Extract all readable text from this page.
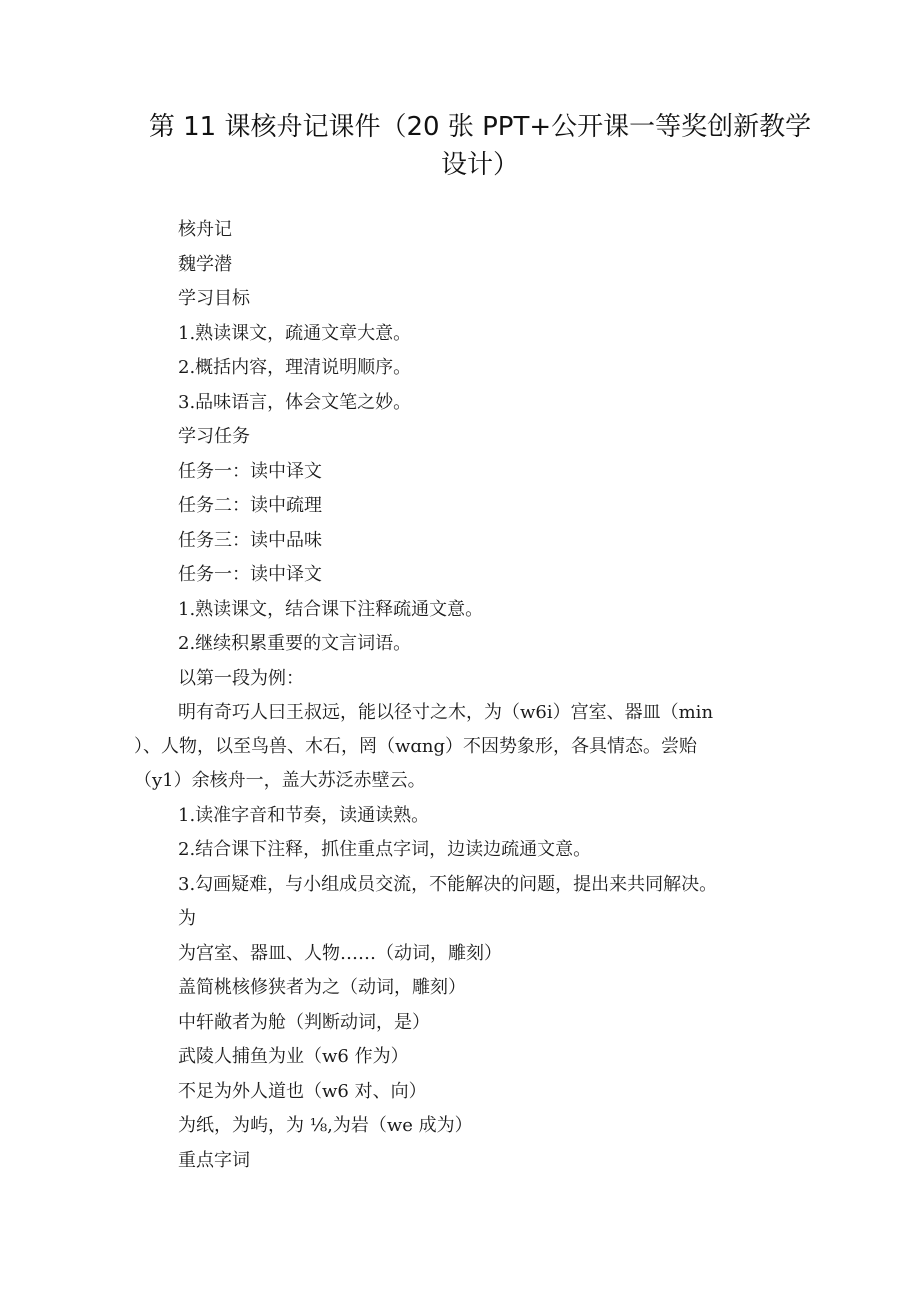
第 11 课核舟记课件（20 张 PPT+公开课一等奖创新教学
设计）
核舟记
魏学潜
学习目标
1.熟读课文，疏通文章大意。
2.概括内容，理清说明顺序。
3.品味语言，体会文笔之妙。
学习任务
任务一：读中译文
任务二：读中疏理
任务三：读中品味
任务一：读中译文
1.熟读课文，结合课下注释疏通文意。
2.继续积累重要的文言词语。
以第一段为例：
明有奇巧人曰王叔远，能以径寸之木，为（w6i）宫室、器皿（min
）、人物，以至鸟兽、木石，罔（wɑng）不因势象形，各具情态。尝贻
（y1）余核舟一，盖大苏泛赤壁云。
1.读准字音和节奏，读通读熟。
2.结合课下注释，抓住重点字词，边读边疏通文意。
3.勾画疑难，与小组成员交流，不能解决的问题，提出来共同解决。
为
为宫室、器皿、人物……（动词，雕刻）
盖简桃核修狭者为之（动词，雕刻）
中轩敞者为舱（判断动词，是）
武陵人捕鱼为业（w6 作为）
不足为外人道也（w6 对、向）
为纸，为屿，为 ⅛,为岩（we 成为）
重点字词
